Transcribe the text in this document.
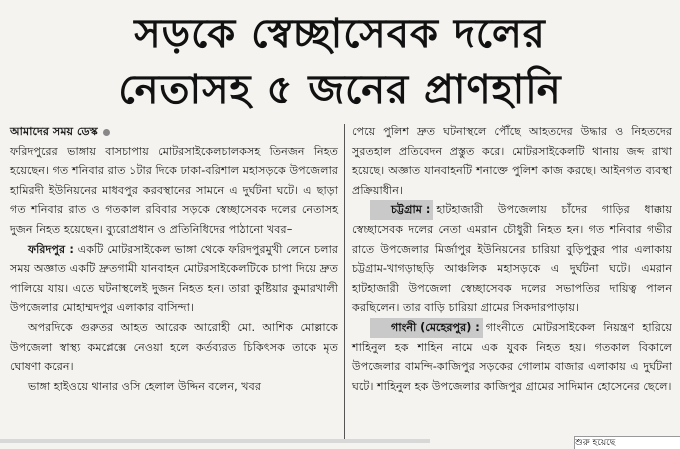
সড়কে স্বেচ্ছাসেবক দলের
নেতাসহ ৫ জনের প্রাণহানি

আমাদের সময় ডেস্ক

ফরিদপুরের ভাঙ্গায় বাসচাপায় মোটরসাইকেলচালকসহ তিনজন নিহত হয়েছেন। গত শনিবার রাত ১টার দিকে ঢাকা-বরিশাল মহাসড়কে উপজেলার হামিরদী ইউনিয়নের মাধবপুর করবস্থানের সামনে এ দুর্ঘটনা ঘটে। এ ছাড়া গত শনিবার রাত ও গতকাল রবিবার সড়কে স্বেচ্ছাসেবক দলের নেতাসহ দুজন নিহত হয়েছেন। ব্যুরোপ্রধান ও প্রতিনিধিদের পাঠানো খবর–

ফরিদপুর : একটি মোটরসাইকেল ভাঙ্গা থেকে ফরিদপুরমুখী লেনে চলার সময় অজ্ঞাত একটি দ্রুতগামী যানবাহন মোটরসাইকেলটিকে চাপা দিয়ে দ্রুত পালিয়ে যায়। এতে ঘটনাস্থলেই দুজন নিহত হন। তারা কুষ্টিয়ার কুমারখালী উপজেলার মোহাম্মদপুর এলাকার বাসিন্দা।

অপরদিকে গুরুতর আহত আরেক আরোহী মো. আশিক মোল্লাকে উপজেলা স্বাস্থ্য কমপ্লেক্সে নেওয়া হলে কর্তব্যরত চিকিৎসক তাকে মৃত ঘোষণা করেন।

ভাঙ্গা হাইওয়ে থানার ওসি হেলাল উদ্দিন বলেন, খবর

পেয়ে পুলিশ দ্রুত ঘটনাস্থলে পৌঁছে আহতদের উদ্ধার ও নিহতদের সুরতহাল প্রতিবেদন প্রস্তুত করে। মোটরসাইকেলটি থানায় জব্দ রাখা হয়েছে। অজ্ঞাত যানবাহনটি শনাক্তে পুলিশ কাজ করছে। আইনগত ব্যবস্থা প্রক্রিয়াধীন।

চট্টগ্রাম : হাটহাজারী উপজেলায় চাঁদের গাড়ির ধাক্কায় স্বেচ্ছাসেবক দলের নেতা এমরান চৌধুরী নিহত হন। গত শনিবার গভীর রাতে উপজেলার মির্জাপুর ইউনিয়নের চারিয়া বুড়িপুকুর পার এলাকায় চট্টগ্রাম-খাগড়াছড়ি আঞ্চলিক মহাসড়কে এ দুর্ঘটনা ঘটে। এমরান হাটহাজারী উপজেলা স্বেচ্ছাসেবক দলের সভাপতির দায়িত্ব পালন করছিলেন। তার বাড়ি চারিয়া গ্রামের সিকদারপাড়ায়।

গাংনী (মেহেরপুর) : গাংনীতে মোটরসাইকেল নিয়ন্ত্রণ হারিয়ে শাহিনুল হক শাহিন নামে এক যুবক নিহত হয়। গতকাল বিকালে উপজেলার বামন্দি-কাজিপুর সড়কের গোলাম বাজার এলাকায় এ দুর্ঘটনা ঘটে। শাহিনুল হক উপজেলার কাজিপুর গ্রামের সাদিমান হোসেনের ছেলে।

শুরু হয়েছে
